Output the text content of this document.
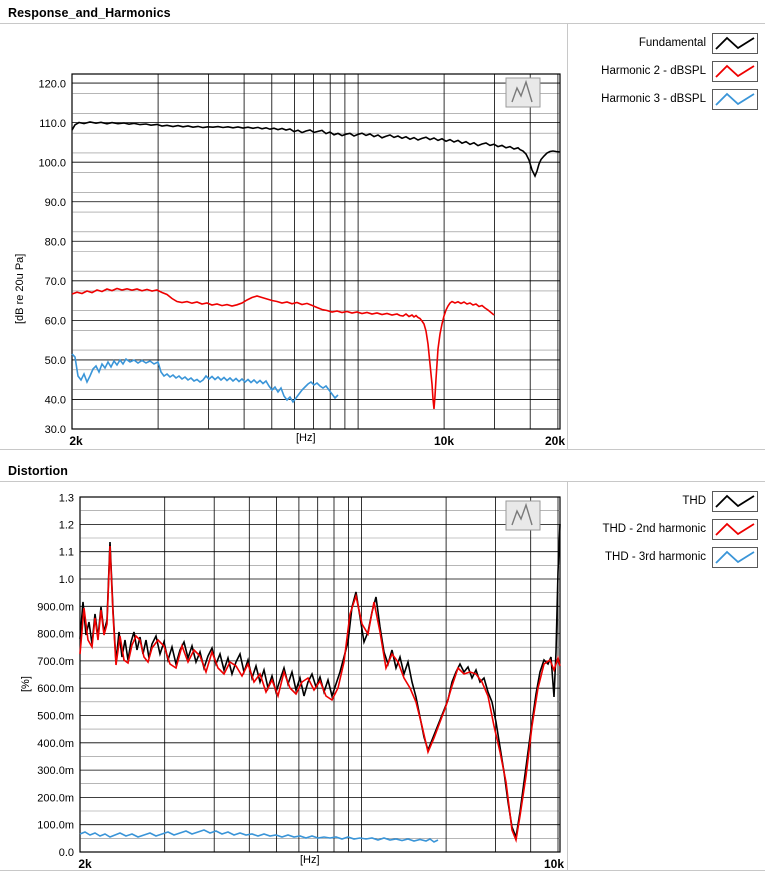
Response_and_Harmonics
30.0
40.0
50.0
60.0
70.0
80.0
90.0
100.0
110.0
120.0
2k	10k	20k
[dB re 20u Pa]
[Hz]
Fundamental
Harmonic 2 - dBSPL
Harmonic 3 - dBSPL
Distortion
0.0
100.0m
200.0m
300.0m
400.0m
500.0m
600.0m
700.0m
800.0m
900.0m
1.0
1.1
1.2
1.3
2k	10k
[%]
[Hz]
THD
THD - 2nd harmonic
THD - 3rd harmonic
